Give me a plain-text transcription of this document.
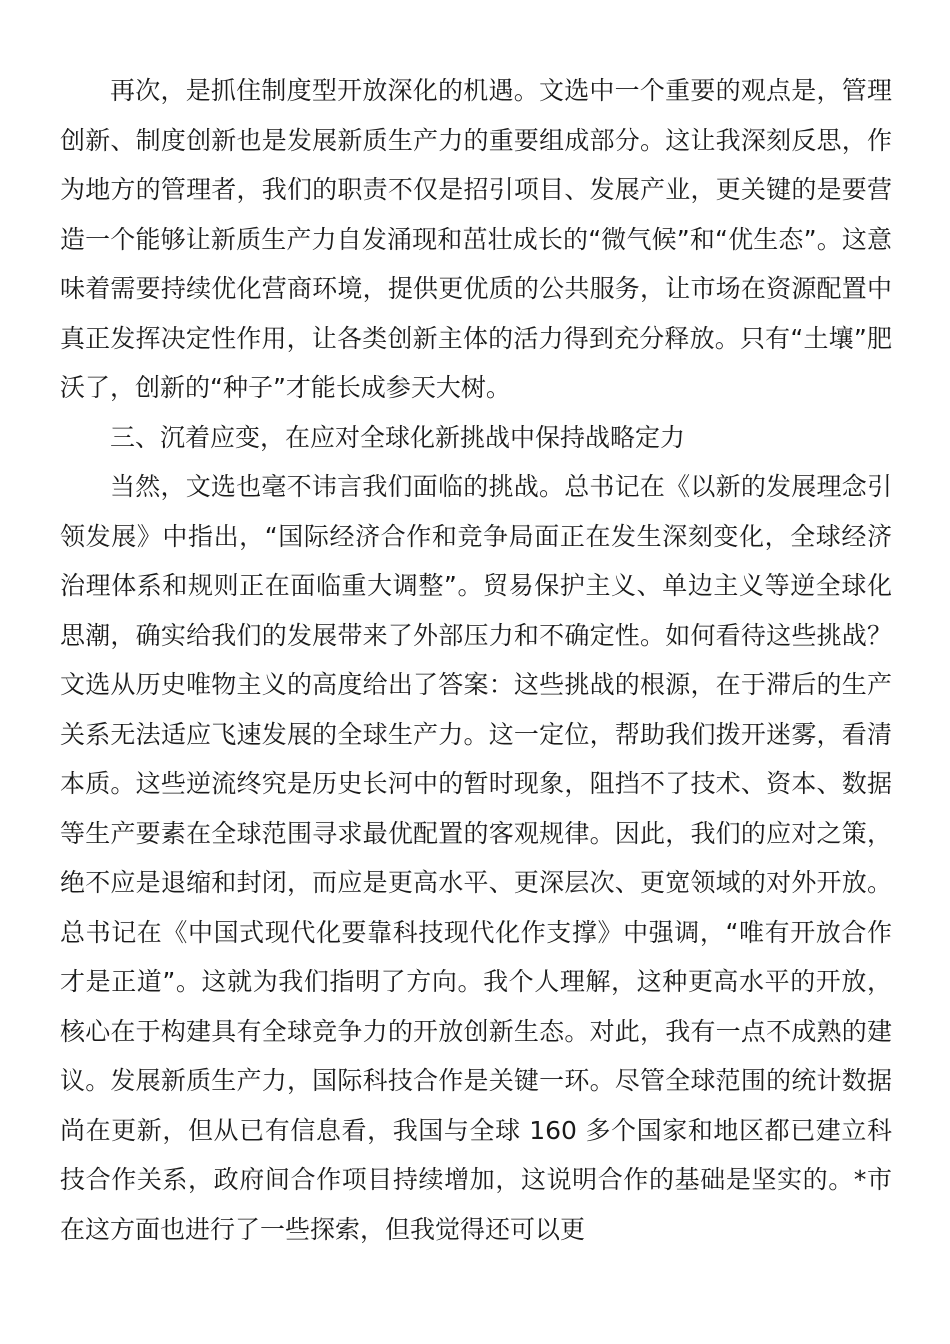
再次，是抓住制度型开放深化的机遇。文选中一个重要的观点是，管理创新、制度创新也是发展新质生产力的重要组成部分。这让我深刻反思，作为地方的管理者，我们的职责不仅是招引项目、发展产业，更关键的是要营造一个能够让新质生产力自发涌现和茁壮成长的“微气候”和“优生态”。这意味着需要持续优化营商环境，提供更优质的公共服务，让市场在资源配置中真正发挥决定性作用，让各类创新主体的活力得到充分释放。只有“土壤”肥沃了，创新的“种子”才能长成参天大树。

三、沉着应变，在应对全球化新挑战中保持战略定力

当然，文选也毫不讳言我们面临的挑战。总书记在《以新的发展理念引领发展》中指出，“国际经济合作和竞争局面正在发生深刻变化，全球经济治理体系和规则正在面临重大调整”。贸易保护主义、单边主义等逆全球化思潮，确实给我们的发展带来了外部压力和不确定性。如何看待这些挑战？文选从历史唯物主义的高度给出了答案：这些挑战的根源，在于滞后的生产关系无法适应飞速发展的全球生产力。这一定位，帮助我们拨开迷雾，看清本质。这些逆流终究是历史长河中的暂时现象，阻挡不了技术、资本、数据等生产要素在全球范围寻求最优配置的客观规律。因此，我们的应对之策，绝不应是退缩和封闭，而应是更高水平、更深层次、更宽领域的对外开放。总书记在《中国式现代化要靠科技现代化作支撑》中强调，“唯有开放合作才是正道”。这就为我们指明了方向。我个人理解，这种更高水平的开放，核心在于构建具有全球竞争力的开放创新生态。对此，我有一点不成熟的建议。发展新质生产力，国际科技合作是关键一环。尽管全球范围的统计数据尚在更新，但从已有信息看，我国与全球 160 多个国家和地区都已建立科技合作关系，政府间合作项目持续增加，这说明合作的基础是坚实的。*市在这方面也进行了一些探索，但我觉得还可以更
